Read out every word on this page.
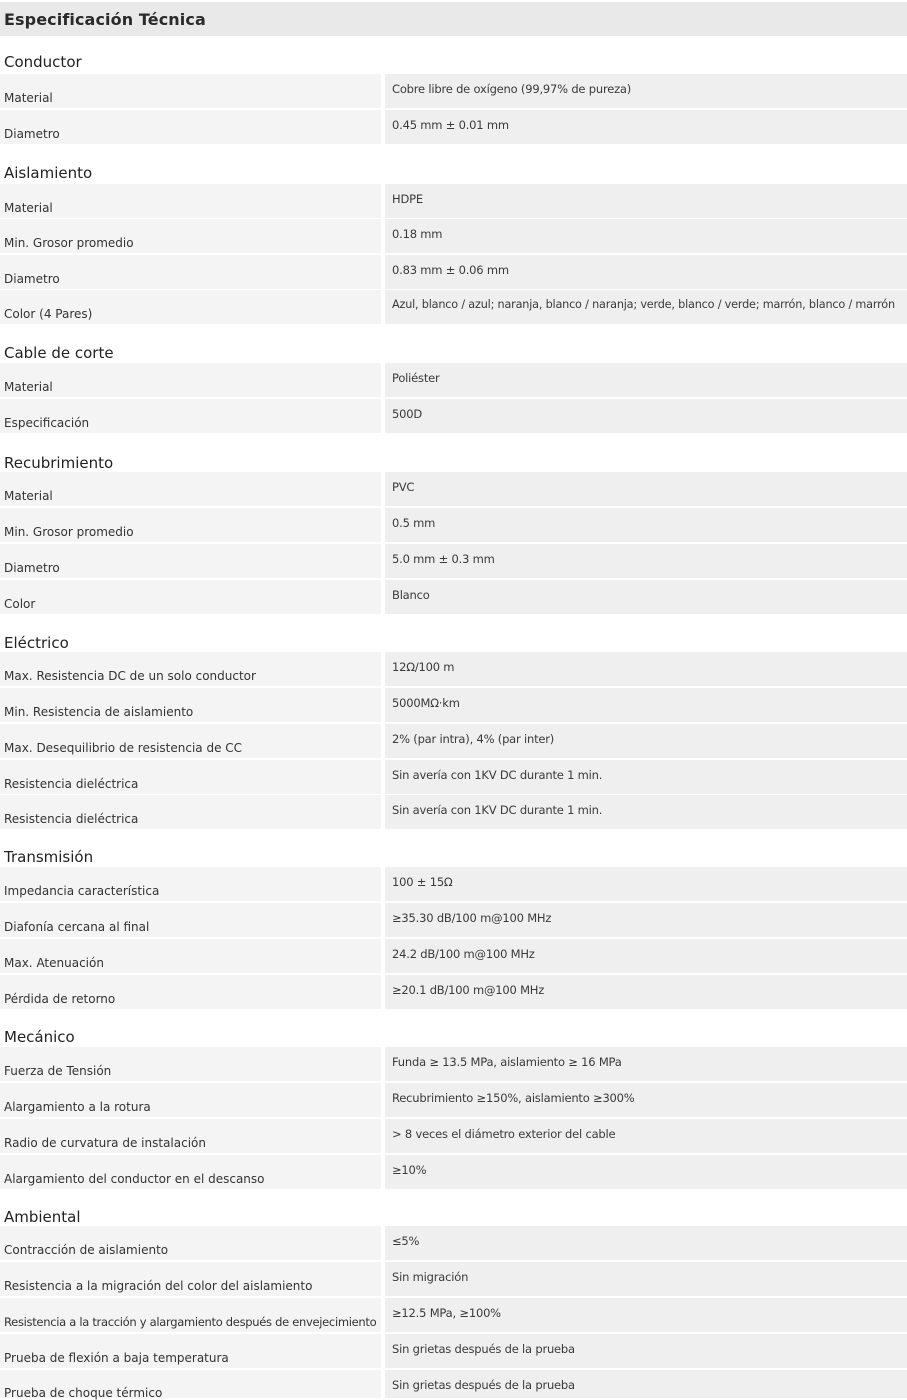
Especificación Técnica
Conductor
Material
Cobre libre de oxígeno (99,97% de pureza)
Diametro
0.45 mm ± 0.01 mm
Aislamiento
Material
HDPE
Min. Grosor promedio
0.18 mm
Diametro
0.83 mm ± 0.06 mm
Color (4 Pares)
Azul, blanco / azul; naranja, blanco / naranja; verde, blanco / verde; marrón, blanco / marrón
Cable de corte
Material
Poliéster
Especificación
500D
Recubrimiento
Material
PVC
Min. Grosor promedio
0.5 mm
Diametro
5.0 mm ± 0.3 mm
Color
Blanco
Eléctrico
Max. Resistencia DC de un solo conductor
12Ω/100 m
Min. Resistencia de aislamiento
5000MΩ·km
Max. Desequilibrio de resistencia de CC
2% (par intra), 4% (par inter)
Resistencia dieléctrica
Sin avería con 1KV DC durante 1 min.
Resistencia dieléctrica
Sin avería con 1KV DC durante 1 min.
Transmisión
Impedancia característica
100 ± 15Ω
Diafonía cercana al final
≥35.30 dB/100 m@100 MHz
Max. Atenuación
24.2 dB/100 m@100 MHz
Pérdida de retorno
≥20.1 dB/100 m@100 MHz
Mecánico
Fuerza de Tensión
Funda ≥ 13.5 MPa, aislamiento ≥ 16 MPa
Alargamiento a la rotura
Recubrimiento ≥150%, aislamiento ≥300%
Radio de curvatura de instalación
> 8 veces el diámetro exterior del cable
Alargamiento del conductor en el descanso
≥10%
Ambiental
Contracción de aislamiento
≤5%
Resistencia a la migración del color del aislamiento
Sin migración
Resistencia a la tracción y alargamiento después de envejecimiento
≥12.5 MPa, ≥100%
Prueba de flexión a baja temperatura
Sin grietas después de la prueba
Prueba de choque térmico
Sin grietas después de la prueba
